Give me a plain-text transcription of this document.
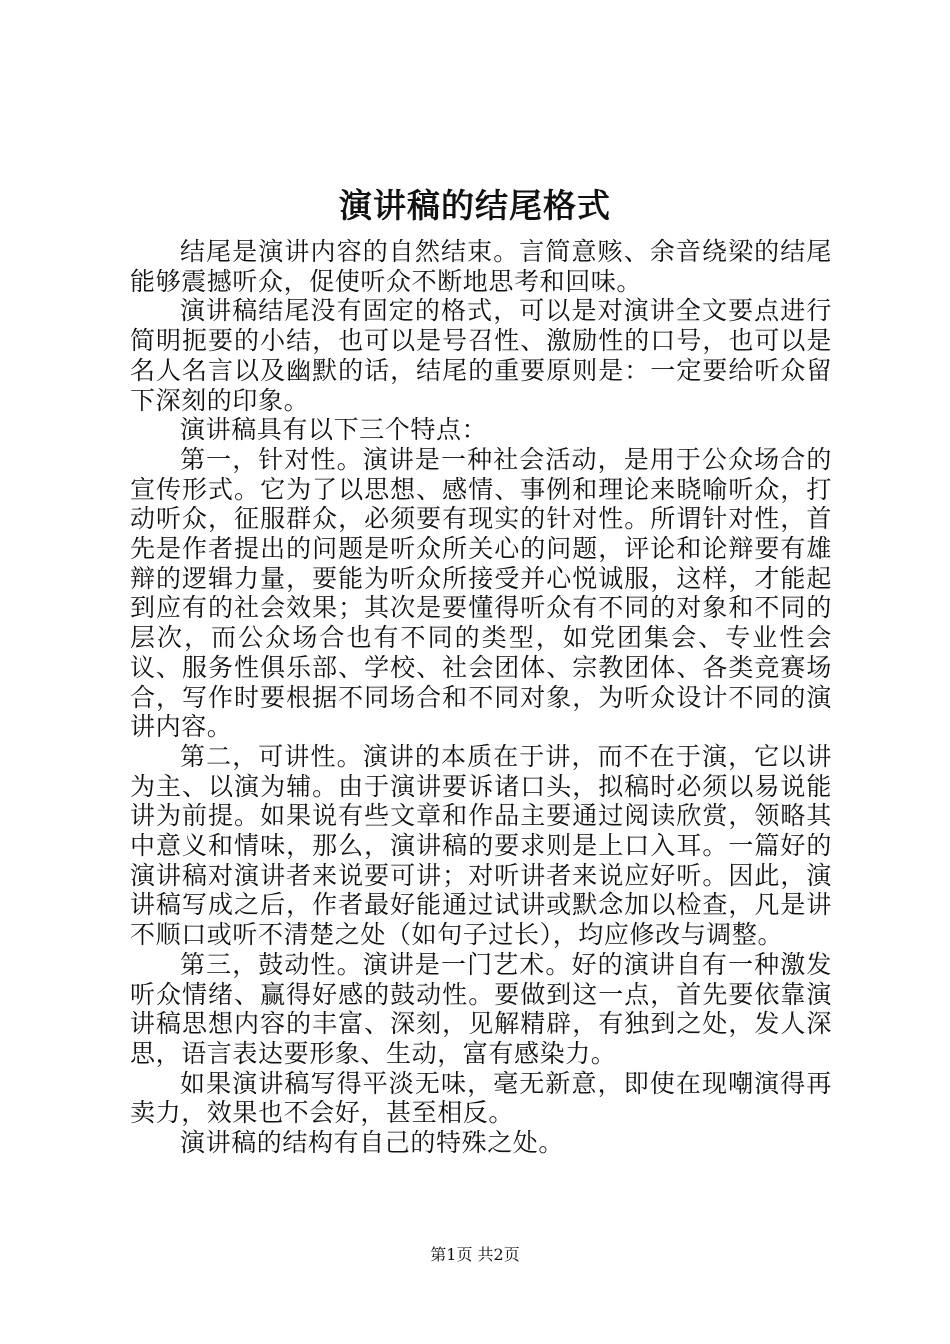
演讲稿的结尾格式

结尾是演讲内容的自然结束。言简意赅、余音绕梁的结尾能够震撼听众，促使听众不断地思考和回味。

演讲稿结尾没有固定的格式，可以是对演讲全文要点进行简明扼要的小结，也可以是号召性、激励性的口号，也可以是名人名言以及幽默的话，结尾的重要原则是：一定要给听众留下深刻的印象。

演讲稿具有以下三个特点：

第一，针对性。演讲是一种社会活动，是用于公众场合的宣传形式。它为了以思想、感情、事例和理论来晓喻听众，打动听众，征服群众，必须要有现实的针对性。所谓针对性，首先是作者提出的问题是听众所关心的问题，评论和论辩要有雄辩的逻辑力量，要能为听众所接受并心悦诚服，这样，才能起到应有的社会效果；其次是要懂得听众有不同的对象和不同的层次，而公众场合也有不同的类型，如党团集会、专业性会议、服务性俱乐部、学校、社会团体、宗教团体、各类竞赛场合，写作时要根据不同场合和不同对象，为听众设计不同的演讲内容。

第二，可讲性。演讲的本质在于讲，而不在于演，它以讲为主、以演为辅。由于演讲要诉诸口头，拟稿时必须以易说能讲为前提。如果说有些文章和作品主要通过阅读欣赏，领略其中意义和情味，那么，演讲稿的要求则是上口入耳。一篇好的演讲稿对演讲者来说要可讲；对听讲者来说应好听。因此，演讲稿写成之后，作者最好能通过试讲或默念加以检查，凡是讲不顺口或听不清楚之处（如句子过长），均应修改与调整。

第三，鼓动性。演讲是一门艺术。好的演讲自有一种激发听众情绪、赢得好感的鼓动性。要做到这一点，首先要依靠演讲稿思想内容的丰富、深刻，见解精辟，有独到之处，发人深思，语言表达要形象、生动，富有感染力。

如果演讲稿写得平淡无味，毫无新意，即使在现嘲演得再卖力，效果也不会好，甚至相反。

演讲稿的结构有自己的特殊之处。

第1页 共2页
